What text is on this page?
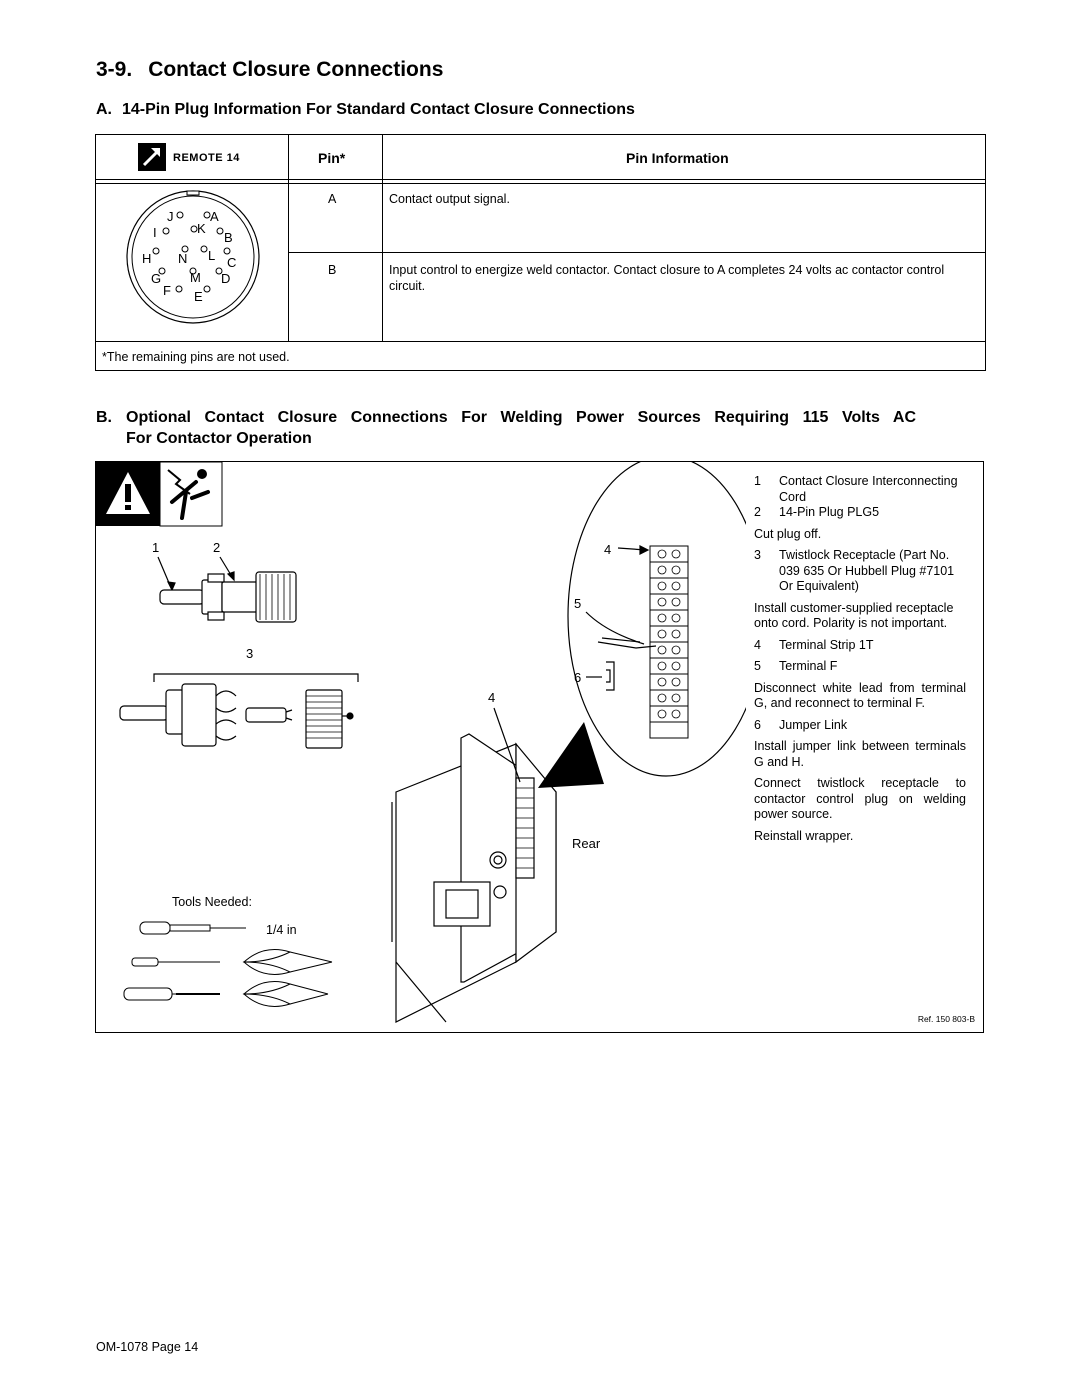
3-9. Contact Closure Connections
A. 14-Pin Plug Information For Standard Contact Closure Connections
REMOTE 14	Pin*	Pin Information
A	Contact output signal.
B	Input control to energize weld contactor. Contact closure to A completes 24 volts ac contactor control circuit.
*The remaining pins are not used.
J	A
I	K
B
H N L C
G M D
F E
B. Optional Contact Closure Connections For Welding Power Sources Requiring 115 Volts AC
For Contactor Operation
1	2
3
Rear
4
4
5
6
Tools Needed:
1/4 in
1 Contact Closure Interconnecting Cord
2 14-Pin Plug PLG5
Cut plug off.
3 Twistlock Receptacle (Part No. 039 635 Or Hubbell Plug #7101 Or Equivalent)
Install customer-supplied receptacle onto cord. Polarity is not important.
4 Terminal Strip 1T
5 Terminal F
Disconnect white lead from terminal G, and reconnect to terminal F.
6 Jumper Link
Install jumper link between terminals G and H.
Connect twistlock receptacle to contactor control plug on welding power source.
Reinstall wrapper.
Ref. 150 803-B
OM-1078 Page 14
